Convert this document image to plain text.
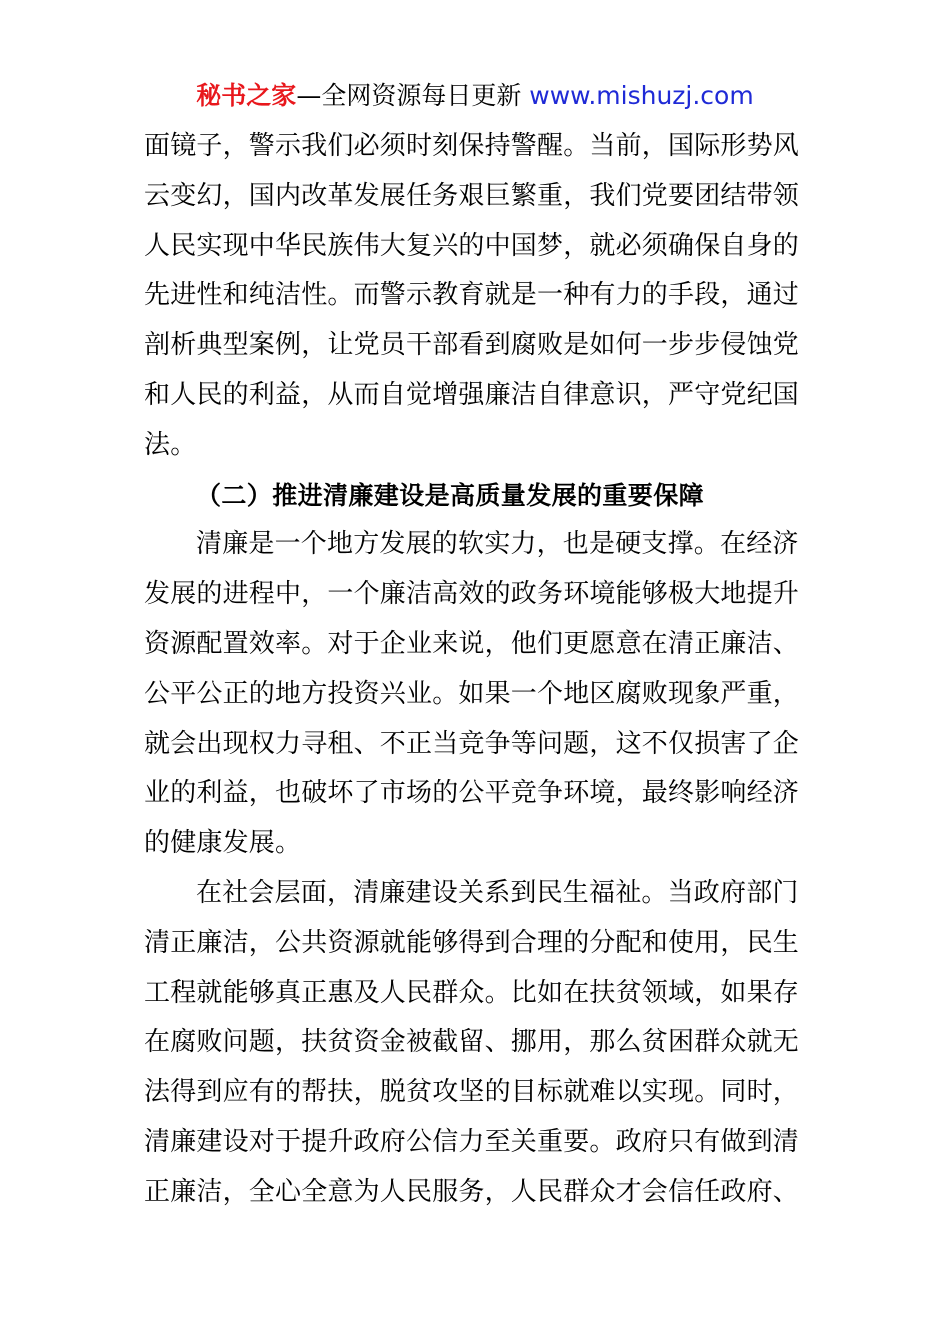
秘书之家—全网资源每日更新 www.mishuzj.com
面镜子，警示我们必须时刻保持警醒。当前，国际形势风
云变幻，国内改革发展任务艰巨繁重，我们党要团结带领
人民实现中华民族伟大复兴的中国梦，就必须确保自身的
先进性和纯洁性。而警示教育就是一种有力的手段，通过
剖析典型案例，让党员干部看到腐败是如何一步步侵蚀党
和人民的利益，从而自觉增强廉洁自律意识，严守党纪国
法。
（二）推进清廉建设是高质量发展的重要保障
清廉是一个地方发展的软实力，也是硬支撑。在经济
发展的进程中，一个廉洁高效的政务环境能够极大地提升
资源配置效率。对于企业来说，他们更愿意在清正廉洁、
公平公正的地方投资兴业。如果一个地区腐败现象严重，
就会出现权力寻租、不正当竞争等问题，这不仅损害了企
业的利益，也破坏了市场的公平竞争环境，最终影响经济
的健康发展。
在社会层面，清廉建设关系到民生福祉。当政府部门
清正廉洁，公共资源就能够得到合理的分配和使用，民生
工程就能够真正惠及人民群众。比如在扶贫领域，如果存
在腐败问题，扶贫资金被截留、挪用，那么贫困群众就无
法得到应有的帮扶，脱贫攻坚的目标就难以实现。同时，
清廉建设对于提升政府公信力至关重要。政府只有做到清
正廉洁，全心全意为人民服务，人民群众才会信任政府、
